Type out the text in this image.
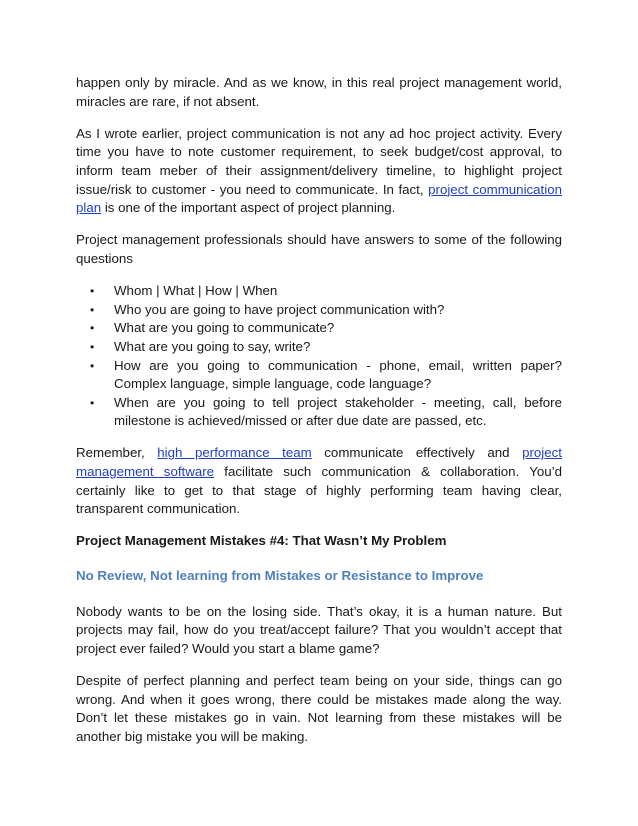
happen only by miracle. And as we know, in this real project management world, miracles are rare, if not absent.

As I wrote earlier, project communication is not any ad hoc project activity. Every time you have to note customer requirement, to seek budget/cost approval, to inform team meber of their assignment/delivery timeline, to highlight project issue/risk to customer - you need to communicate. In fact, project communication plan is one of the important aspect of project planning.

Project management professionals should have answers to some of the following questions

• Whom | What | How | When
• Who you are going to have project communication with?
• What are you going to communicate?
• What are you going to say, write?
• How are you going to communication - phone, email, written paper? Complex language, simple language, code language?
• When are you going to tell project stakeholder - meeting, call, before milestone is achieved/missed or after due date are passed, etc.

Remember, high performance team communicate effectively and project management software facilitate such communication & collaboration. You’d certainly like to get to that stage of highly performing team having clear, transparent communication.

Project Management Mistakes #4: That Wasn’t My Problem

No Review, Not learning from Mistakes or Resistance to Improve

Nobody wants to be on the losing side. That’s okay, it is a human nature. But projects may fail, how do you treat/accept failure? That you wouldn’t accept that project ever failed? Would you start a blame game?

Despite of perfect planning and perfect team being on your side, things can go wrong. And when it goes wrong, there could be mistakes made along the way. Don’t let these mistakes go in vain. Not learning from these mistakes will be another big mistake you will be making.
